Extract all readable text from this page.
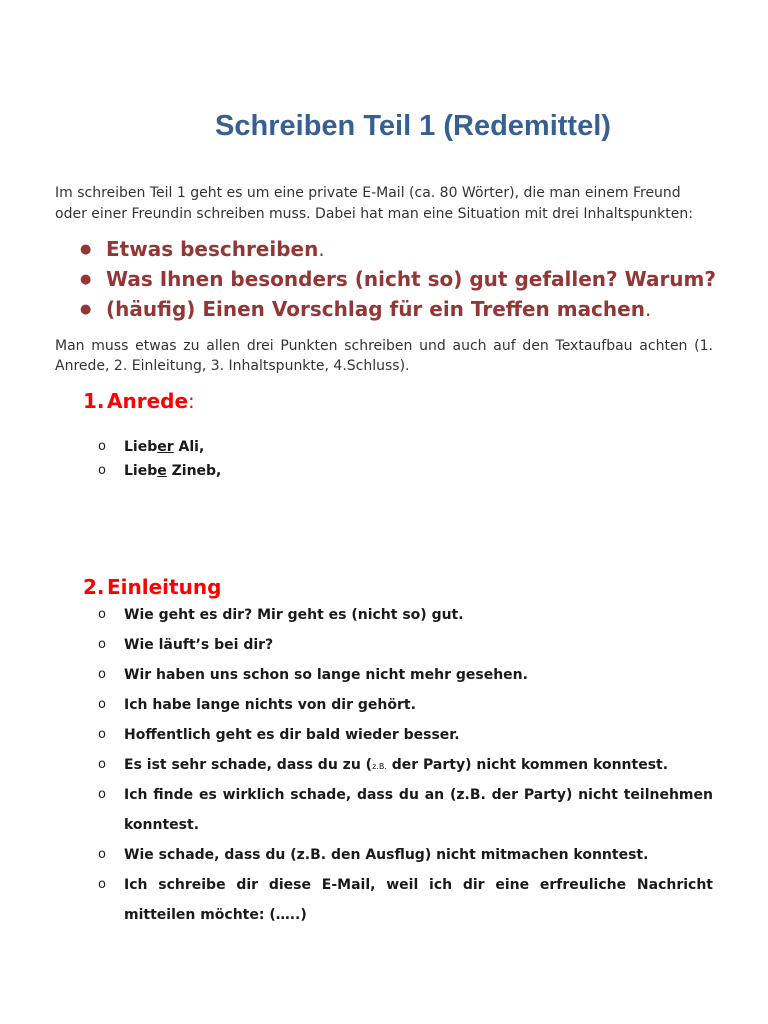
Schreiben Teil 1 (Redemittel)
Im schreiben Teil 1 geht es um eine private E-Mail (ca. 80 Wörter), die man einem Freund
oder einer Freundin schreiben muss. Dabei hat man eine Situation mit drei Inhaltspunkten:
● Etwas beschreiben .
● Was Ihnen besonders (nicht so) gut gefallen? Warum?
● (häufig) Einen Vorschlag für ein Treffen machen .
Man muss etwas zu allen drei Punkten schreiben und auch auf den Textaufbau achten (1. Anrede, 2. Einleitung, 3. Inhaltspunkte, 4.Schluss).
1. Anrede:
o Lieber Ali,
o Liebe Zineb,
2. Einleitung
o Wie geht es dir? Mir geht es (nicht so) gut.
o Wie läuft’s bei dir?
o Wir haben uns schon so lange nicht mehr gesehen.
o Ich habe lange nichts von dir gehört.
o Hoffentlich geht es dir bald wieder besser.
o Es ist sehr schade, dass du zu (z.B. der Party) nicht kommen konntest.
o Ich finde es wirklich schade, dass du an (z.B. der Party) nicht teilnehmen konntest.
o Wie schade, dass du (z.B. den Ausflug) nicht mitmachen konntest.
o Ich schreibe dir diese E-Mail, weil ich dir eine erfreuliche Nachricht mitteilen möchte: (…..)
